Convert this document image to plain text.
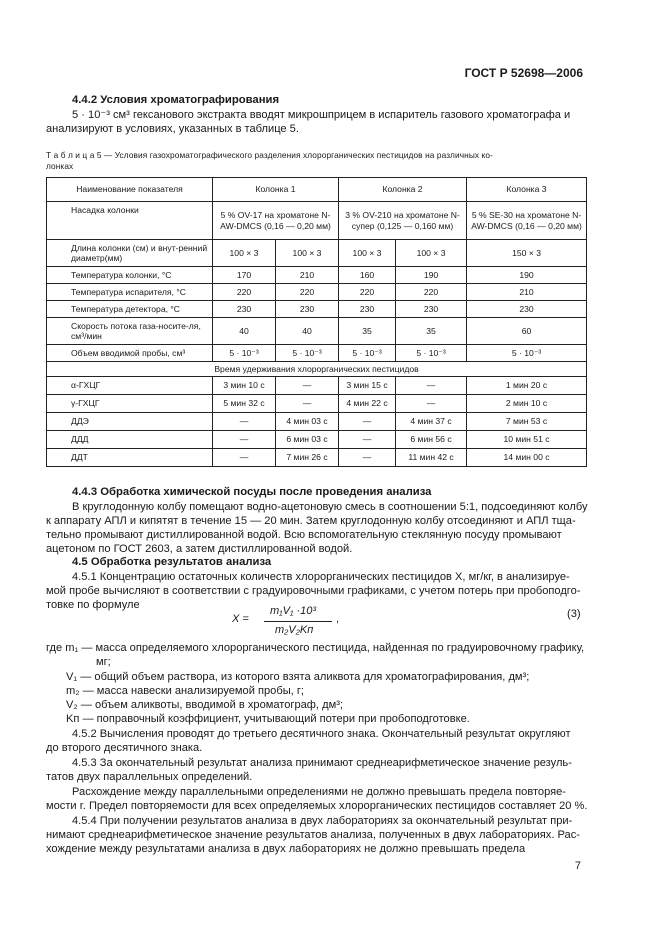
ГОСТ Р 52698—2006
4.4.2 Условия хроматографирования
5 · 10⁻³ см³ гексанового экстракта вводят микрошприцем в испаритель газового хроматографа и
анализируют в условиях, указанных в таблице 5.
Т а б л и ц а 5 — Условия газохроматографического разделения хлорорганических пестицидов на различных ко-
лонках
Наименование показателя	Колонка 1		Колонка 2		Колонка 3
Насадка колонки	5 % OV-17 на хроматоне N-AW-DMCS (0,16 — 0,20 мм)		3 % OV-210 на хроматоне N-супер (0,125 — 0,160 мм)		5 % SE-30 на хроматоне N-AW-DMCS (0,16 — 0,20 мм)
Длина колонки (см) и внут-ренний диаметр(мм)	100 × 3	100 × 3	100 × 3	100 × 3	150 × 3
Температура колонки, °С	170	210	160	190	190
Температура испарителя, °С	220	220	220	220	210
Температура детектора, °С	230	230	230	230	230
Скорость потока газа-носите-ля, см³/мин	40	40	35	35	60
Объем вводимой пробы, см³	5 · 10⁻³	5 · 10⁻³	5 · 10⁻³	5 · 10⁻³	5 · 10⁻³
Время удерживания хлорорганических пестицидов					
α-ГХЦГ	3 мин 10 с	—	3 мин 15 с	—	1 мин 20 с
γ-ГХЦГ	5 мин 32 с	—	4 мин 22 с	—	2 мин 10 с
ДДЭ	—	4 мин 03 с	—	4 мин 37 с	7 мин 53 с
ДДД	—	6 мин 03 с	—	6 мин 56 с	10 мин 51 с
ДДТ	—	7 мин 26 с	—	11 мин 42 с	14 мин 00 с
4.4.3 Обработка химической посуды после проведения анализа
В круглодонную колбу помещают водно-ацетоновую смесь в соотношении 5:1, подсоединяют колбу
к аппарату АПЛ и кипятят в течение 15 — 20 мин. Затем круглодонную колбу отсоединяют и АПЛ тща-
тельно промывают дистиллированной водой. Всю вспомогательную стеклянную посуду промывают
ацетоном по ГОСТ 2603, а затем дистиллированной водой.
4.5 Обработка результатов анализа
4.5.1 Концентрацию остаточных количеств хлорорганических пестицидов X, мг/кг, в анализируе-
мой пробе вычисляют в соответствии с градуировочными графиками, с учетом потерь при пробоподго-
товке по формуле
X =
m₁V₁ ·10³
m₂V₂Kп
,	(3)
где m₁ — масса определяемого хлорорганического пестицида, найденная по градуировочному графику,
мг;
V₁ — общий объем раствора, из которого взята аликвота для хроматографирования, дм³;
m₂ — масса навески анализируемой пробы, г;
V₂ — объем аликвоты, вводимой в хроматограф, дм³;
Kп — поправочный коэффициент, учитывающий потери при пробоподготовке.
4.5.2 Вычисления проводят до третьего десятичного знака. Окончательный результат округляют
до второго десятичного знака.
4.5.3 За окончательный результат анализа принимают среднеарифметическое значение резуль-
татов двух параллельных определений.
Расхождение между параллельными определениями не должно превышать предела повторяе-
мости r. Предел повторяемости для всех определяемых хлорорганических пестицидов составляет 20 %.
4.5.4 При получении результатов анализа в двух лабораториях за окончательный результат при-
нимают среднеарифметическое значение результатов анализа, полученных в двух лабораториях. Рас-
хождение между результатами анализа в двух лабораториях не должно превышать предела
7
